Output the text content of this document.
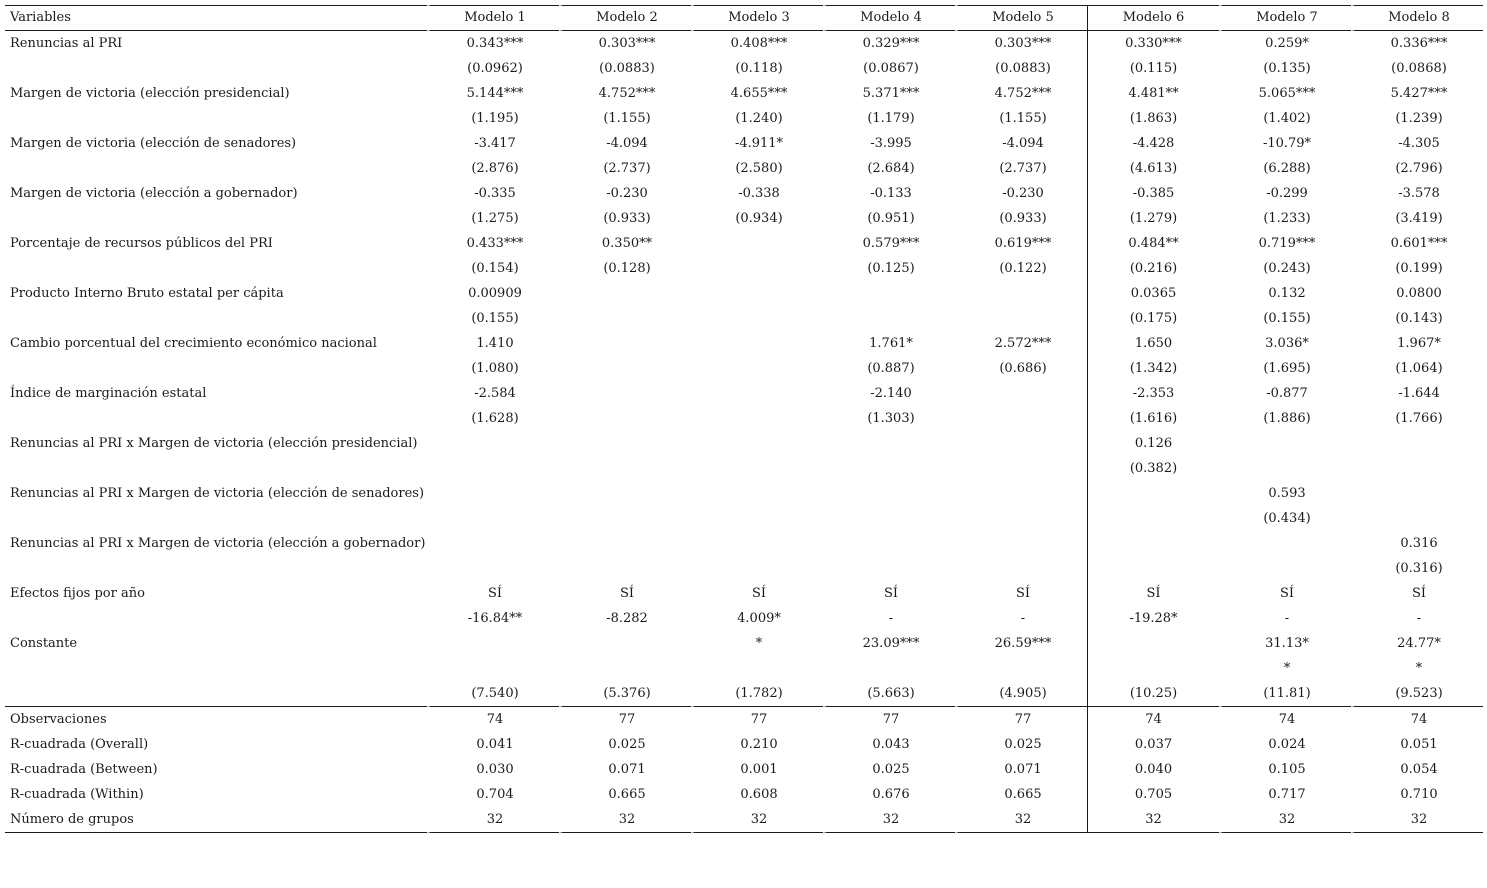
Variables	Modelo 1	Modelo 2	Modelo 3	Modelo 4	Modelo 5	Modelo 6	Modelo 7	Modelo 8
Renuncias al PRI	0.343***	0.303***	0.408***	0.329***	0.303***	0.330***	0.259*	0.336***
	(0.0962)	(0.0883)	(0.118)	(0.0867)	(0.0883)	(0.115)	(0.135)	(0.0868)
Margen de victoria (elección presidencial)	5.144***	4.752***	4.655***	5.371***	4.752***	4.481**	5.065***	5.427***
	(1.195)	(1.155)	(1.240)	(1.179)	(1.155)	(1.863)	(1.402)	(1.239)
Margen de victoria (elección de senadores)	-3.417	-4.094	-4.911*	-3.995	-4.094	-4.428	-10.79*	-4.305
	(2.876)	(2.737)	(2.580)	(2.684)	(2.737)	(4.613)	(6.288)	(2.796)
Margen de victoria (elección a gobernador)	-0.335	-0.230	-0.338	-0.133	-0.230	-0.385	-0.299	-3.578
	(1.275)	(0.933)	(0.934)	(0.951)	(0.933)	(1.279)	(1.233)	(3.419)
Porcentaje de recursos públicos del PRI	0.433***	0.350**		0.579***	0.619***	0.484**	0.719***	0.601***
	(0.154)	(0.128)		(0.125)	(0.122)	(0.216)	(0.243)	(0.199)
Producto Interno Bruto estatal per cápita	0.00909					0.0365	0.132	0.0800
	(0.155)					(0.175)	(0.155)	(0.143)
Cambio porcentual del crecimiento económico nacional	1.410			1.761*	2.572***	1.650	3.036*	1.967*
	(1.080)			(0.887)	(0.686)	(1.342)	(1.695)	(1.064)
Índice de marginación estatal	-2.584			-2.140		-2.353	-0.877	-1.644
	(1.628)			(1.303)		(1.616)	(1.886)	(1.766)
Renuncias al PRI x Margen de victoria (elección presidencial)						0.126		
						(0.382)		
Renuncias al PRI x Margen de victoria (elección de senadores)							0.593	
							(0.434)	
Renuncias al PRI x Margen de victoria (elección a gobernador)								0.316
								(0.316)
Efectos fijos por año	SÍ	SÍ	SÍ	SÍ	SÍ	SÍ	SÍ	SÍ
	-16.84**	-8.282	4.009*	-	-	-19.28*	-	-
Constante			*	23.09***	26.59***		31.13*	24.77*
							*	*
	(7.540)	(5.376)	(1.782)	(5.663)	(4.905)	(10.25)	(11.81)	(9.523)
Observaciones	74	77	77	77	77	74	74	74
R-cuadrada (Overall)	0.041	0.025	0.210	0.043	0.025	0.037	0.024	0.051
R-cuadrada (Between)	0.030	0.071	0.001	0.025	0.071	0.040	0.105	0.054
R-cuadrada (Within)	0.704	0.665	0.608	0.676	0.665	0.705	0.717	0.710
Número de grupos	32	32	32	32	32	32	32	32
